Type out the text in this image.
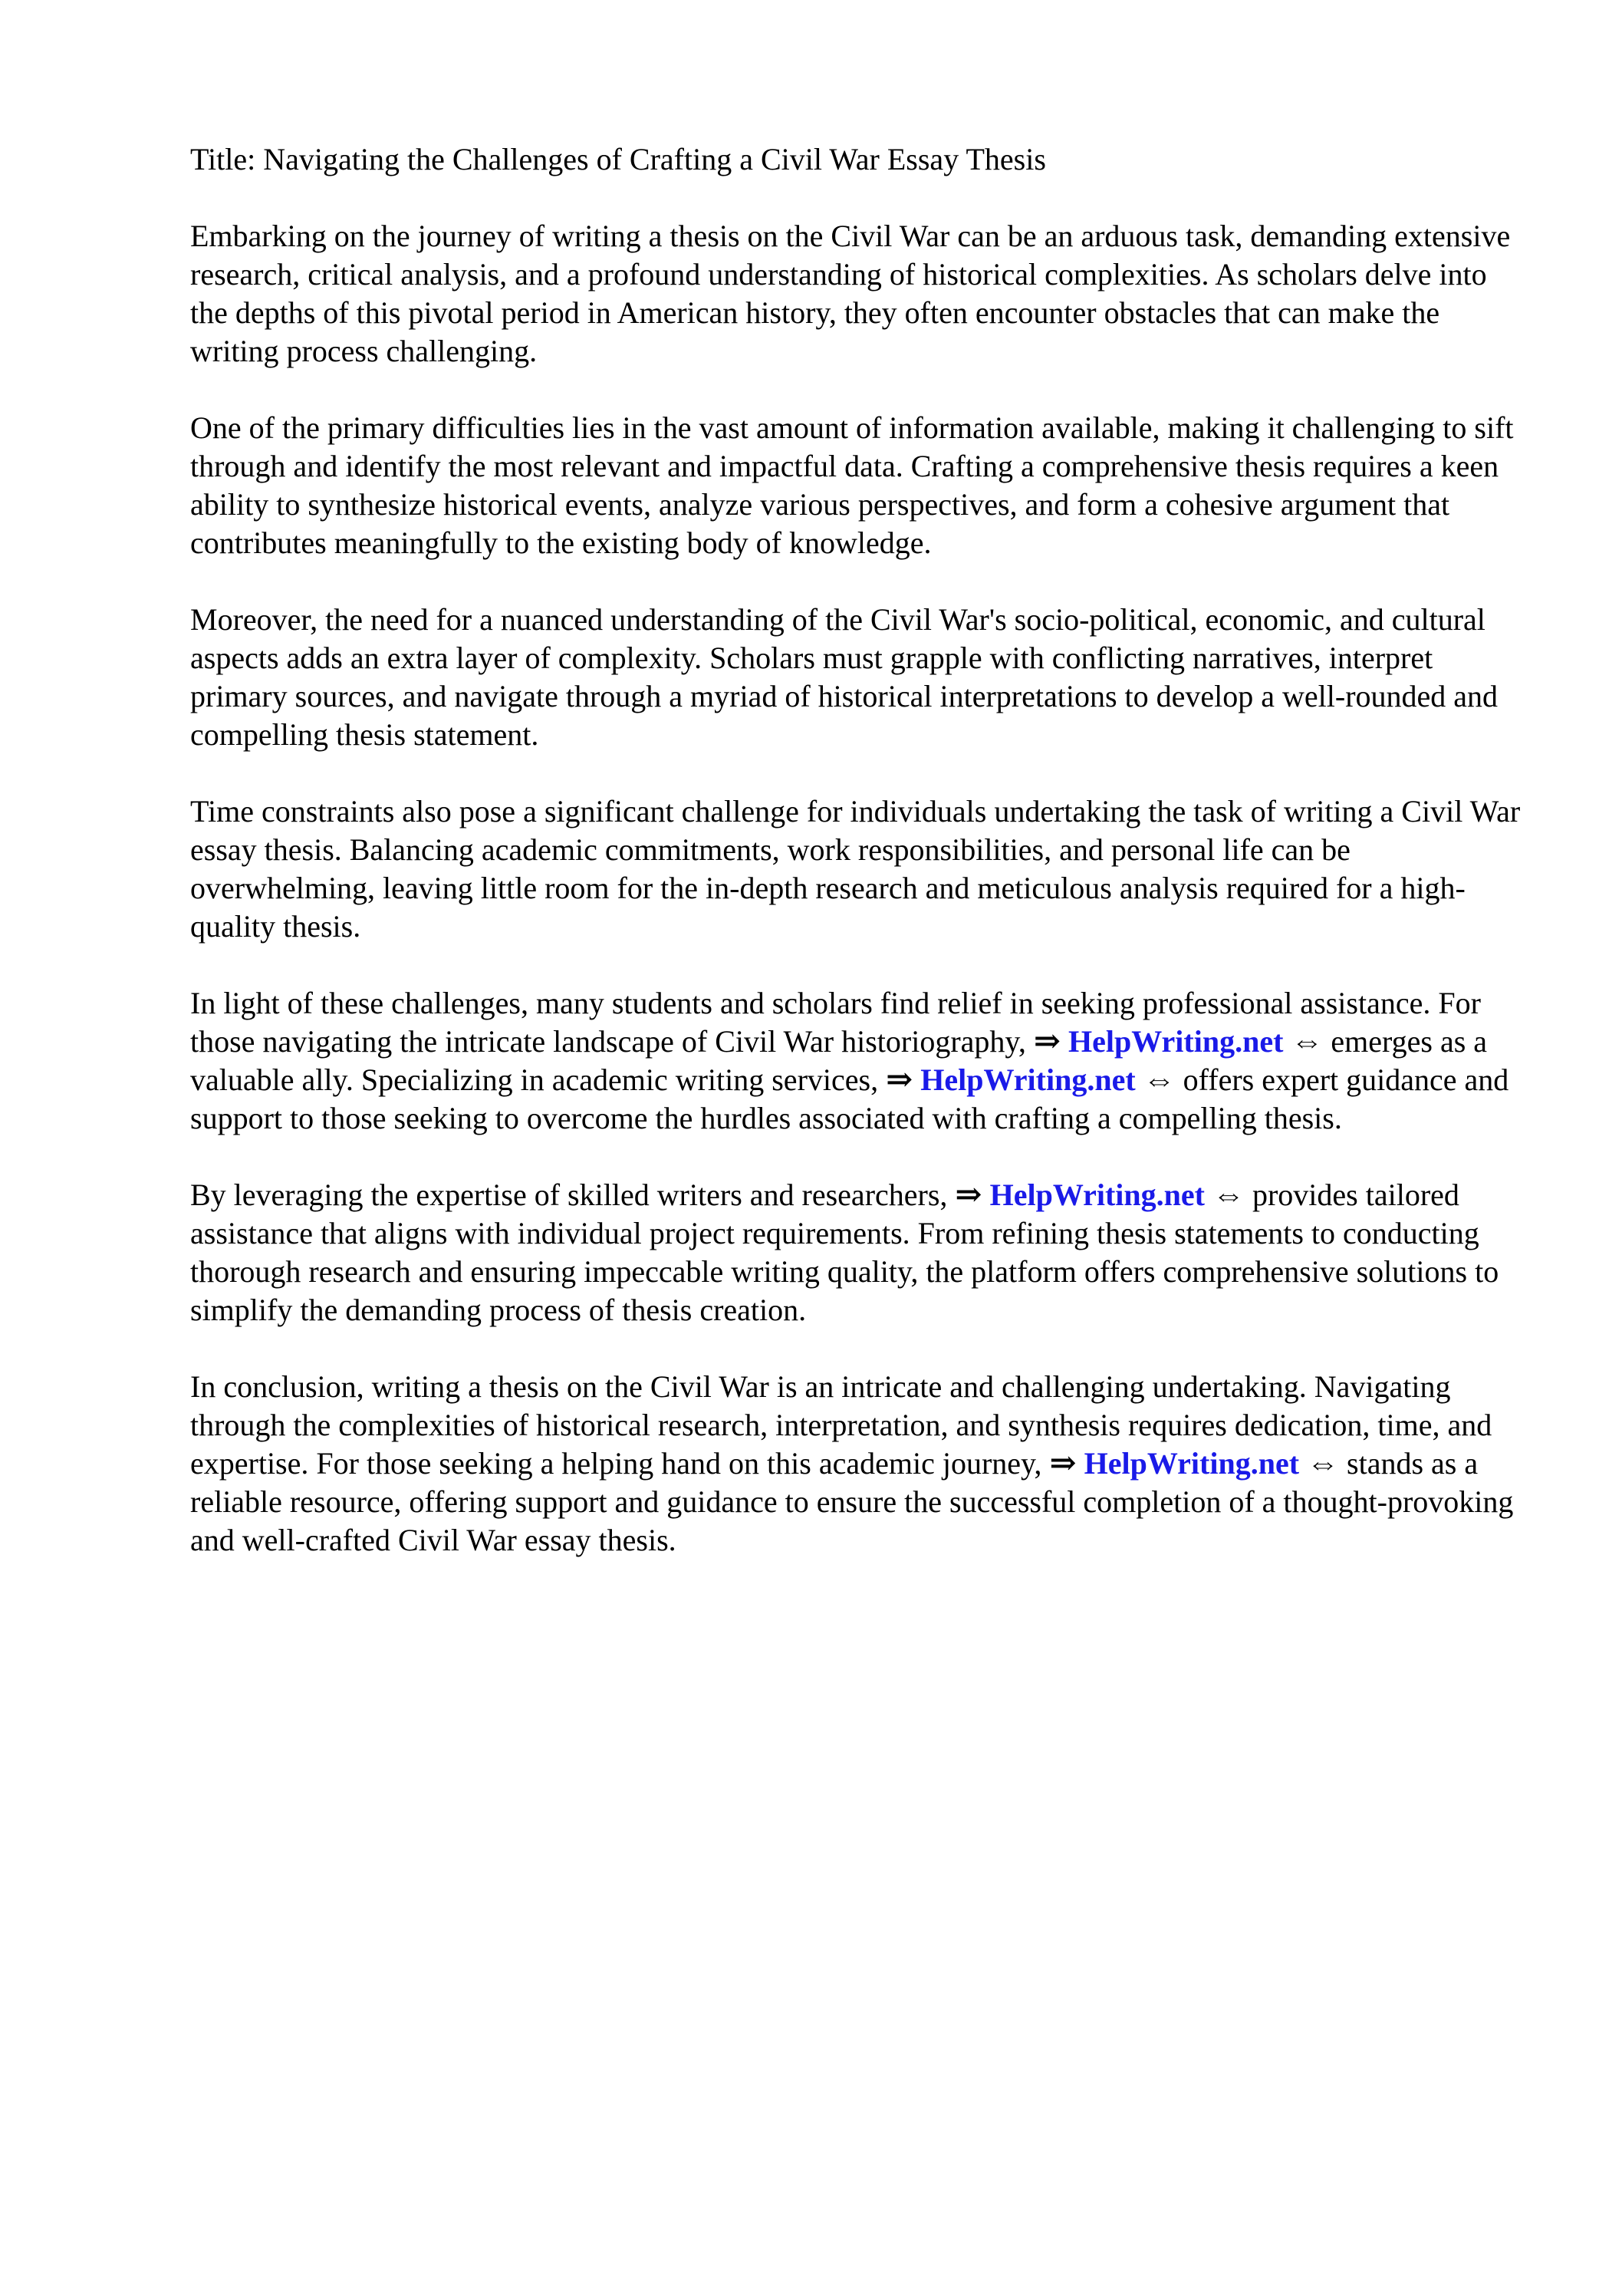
Title: Navigating the Challenges of Crafting a Civil War Essay Thesis

Embarking on the journey of writing a thesis on the Civil War can be an arduous task, demanding extensive research, critical analysis, and a profound understanding of historical complexities. As scholars delve into the depths of this pivotal period in American history, they often encounter obstacles that can make the writing process challenging.

One of the primary difficulties lies in the vast amount of information available, making it challenging to sift through and identify the most relevant and impactful data. Crafting a comprehensive thesis requires a keen ability to synthesize historical events, analyze various perspectives, and form a cohesive argument that contributes meaningfully to the existing body of knowledge.

Moreover, the need for a nuanced understanding of the Civil War's socio-political, economic, and cultural aspects adds an extra layer of complexity. Scholars must grapple with conflicting narratives, interpret primary sources, and navigate through a myriad of historical interpretations to develop a well-rounded and compelling thesis statement.

Time constraints also pose a significant challenge for individuals undertaking the task of writing a Civil War essay thesis. Balancing academic commitments, work responsibilities, and personal life can be overwhelming, leaving little room for the in-depth research and meticulous analysis required for a high-quality thesis.

In light of these challenges, many students and scholars find relief in seeking professional assistance. For those navigating the intricate landscape of Civil War historiography, ⇒ HelpWriting.net ⇔ emerges as a valuable ally. Specializing in academic writing services, ⇒ HelpWriting.net ⇔ offers expert guidance and support to those seeking to overcome the hurdles associated with crafting a compelling thesis.

By leveraging the expertise of skilled writers and researchers, ⇒ HelpWriting.net ⇔ provides tailored assistance that aligns with individual project requirements. From refining thesis statements to conducting thorough research and ensuring impeccable writing quality, the platform offers comprehensive solutions to simplify the demanding process of thesis creation.

In conclusion, writing a thesis on the Civil War is an intricate and challenging undertaking. Navigating through the complexities of historical research, interpretation, and synthesis requires dedication, time, and expertise. For those seeking a helping hand on this academic journey, ⇒ HelpWriting.net ⇔ stands as a reliable resource, offering support and guidance to ensure the successful completion of a thought-provoking and well-crafted Civil War essay thesis.
